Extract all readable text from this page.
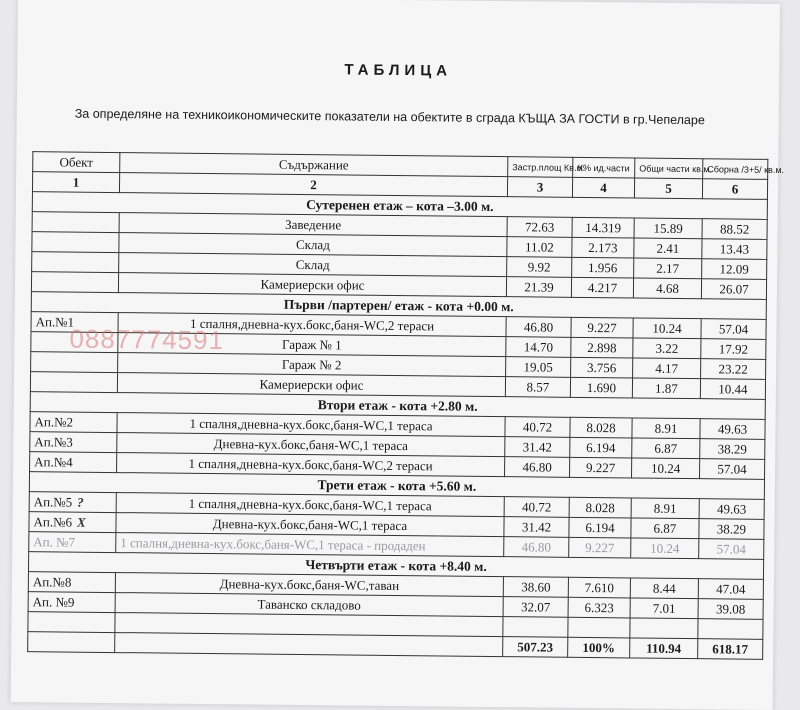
ТАБЛИЦА
За определяне на техникоикономическите показатели на обектите в сграда КЪЩА ЗА ГОСТИ в гр.Чепеларе
Обект	Съдържание	Застр.площ Кв.м.	К% ид.части	Общи части кв.м.	Сборна /3+5/ кв.м.
1	2	3	4	5	6
Сутеренен етаж – кота –3.00 м.					
	Заведение	72.63	14.319	15.89	88.52
	Склад	11.02	2.173	2.41	13.43
	Склад	9.92	1.956	2.17	12.09
	Камериерски офис	21.39	4.217	4.68	26.07
Първи /партерен/ етаж - кота +0.00 м.					
Ап.№1	1 спалня,дневна-кух.бокс,баня-WC,2 тераси	46.80	9.227	10.24	57.04
	Гараж № 1	14.70	2.898	3.22	17.92
	Гараж № 2	19.05	3.756	4.17	23.22
	Камериерски офис	8.57	1.690	1.87	10.44
Втори етаж - кота +2.80 м.					
Ап.№2	1 спалня,дневна-кух.бокс,баня-WC,1 тераса	40.72	8.028	8.91	49.63
Ап.№3	Дневна-кух.бокс,баня-WC,1 тераса	31.42	6.194	6.87	38.29
Ап.№4	1 спалня,дневна-кух.бокс,баня-WC,2 тераси	46.80	9.227	10.24	57.04
Трети етаж - кота +5.60 м.					
Ап.№5 ?	1 спалня,дневна-кух.бокс,баня-WC,1 тераса	40.72	8.028	8.91	49.63
Ап.№6 X	Дневна-кух.бокс,баня-WC,1 тераса	31.42	6.194	6.87	38.29
Ап. №7	1 спалня,дневна-кух.бокс,баня-WC,1 тераса - продаден	46.80	9.227	10.24	57.04
Четвърти етаж - кота +8.40 м.					
Ап.№8	Дневна-кух.бокс,баня-WC,таван	38.60	7.610	8.44	47.04
Ап. №9	Таванско складово	32.07	6.323	7.01	39.08

		507.23	100%	110.94	618.17
0887774591
